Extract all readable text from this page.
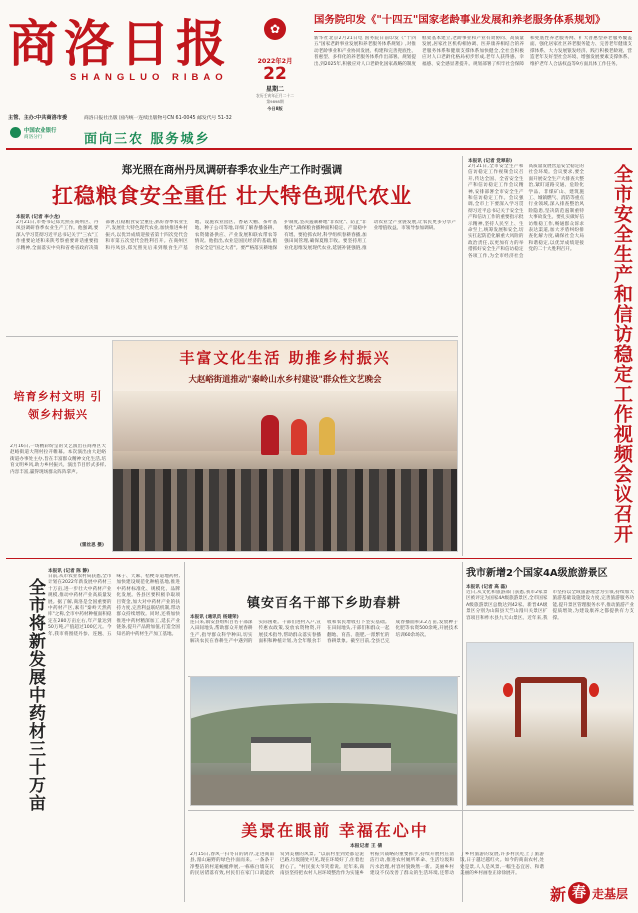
商洛日报
SHANGLUO RIBAO
主管、主办:中共商洛市委	商洛日报社出版 国内统一连续出版物号CN 61-0045 邮发代号 51-32
中国农业银行
商洛分行	面向三农 服务城乡
✿
2022年2月
22
星期二
农历壬寅年正月二十二
第9898期
今日8版
国务院印发《"十四五"国家老龄事业发展和养老服务体系规划》
新华社北京2月21日电 国务院日前印发《"十四五"国家老龄事业发展和养老服务体系规划》,对推动老龄事业和产业协同发展、构建和完善兜底性、普惠型、多样化的养老服务体系作出部署。规划提出,到2025年,积极应对人口老龄化国家战略的制度框架基本建立,老龄事业和产业有效协同、高质量发展,居家社区机构相协调、医养康养相结合的养老服务体系和健康支撑体系加快健全,全社会积极应对人口老龄化格局初步形成,老年人获得感、幸福感、安全感显著提升。规划部署了织牢社会保障和兜底性养老服务网、扩大普惠型养老服务覆盖面、强化居家社区养老服务能力、完善老年健康支撑体系、大力发展银发经济、践行积极老龄观、营造老年友好型社会环境、增强发展要素支撑体系、维护老年人合法权益等9方面具体工作任务。
郑光照在商州丹凤调研春季农业生产工作时强调
扛稳粮食安全重任 壮大特色现代农业
本报讯 (记者 李小龙)
2月21日,市委书记郑光照在商州区、丹凤县调研春季农业生产工作。他强调,要深入学习贯彻习近平总书记关于"三农"工作重要论述和来陕考察重要讲话重要指示精神,全面落实中央和省委省政府决策部署,扛稳粮食安全重任,抓好春季农业生产,发展壮大特色现代农业,加快推进乡村振兴,以优异成绩迎接省第十四次党代会和市第五次党代会胜利召开。在商州区和丹凤县,郑光照先后来到粮食生产基地、设施农业园区、香菇大棚、茶叶基地、种子公司等地,详细了解春播备耕、农资储备供应、产业发展和联农带农等情况。他指出,农业是国民经济的基础,粮食安全是"国之大者"。要严格落实耕地保护制度,坚决遏制耕地"非农化"、防止"非粮化",确保粮食播种面积稳定、产量稳中有增。要抢抓农时,科学组织春耕春播,加强田间管理,确保夏粮丰收。要坚持用工业化思维发展现代农业,延链补链强链,推动农业全产业链发展,让农民更多分享产业增值收益。市领导参加调研。
本报讯 (记者 党翠彩)
2月21日,全市安全生产和信访稳定工作视频会议召开,传达全国、全省安全生产和信访稳定工作会议精神,安排部署全市安全生产和信访稳定工作。会议强调,全市上下要深入学习贯彻习近平总书记关于安全生产和信访工作的重要指示批示精神,坚持人民至上、生命至上,统筹发展和安全,切实扛起防范化解重大风险的政治责任,以更加有力的举措抓好安全生产和信访稳定各项工作,为全市经济社会高质量发展营造安全稳定的社会环境。会议要求,要全面开展安全生产大排查大整治,紧盯道路交通、危险化学品、非煤矿山、建筑施工、城镇燃气、消防等重点行业领域,深入排查整治风险隐患,坚决防范遏制重特大事故发生。要扎实做好信访维稳工作,畅通群众诉求表达渠道,加大矛盾纠纷排查化解力度,确保社会大局和谐稳定,以优异成绩迎接党的二十大胜利召开。	全市安全生产和信访稳定工作视频会议召开
丰富文化生活 助推乡村振兴
大赵峪街道推动"秦岭山水乡村建设"群众性文艺晚会
培育乡村文明 引领乡村振兴
2月16日,一场精彩纷呈的文艺演出在商州区大赵峪街道大荆村拉开帷幕。本次演出由大赵峪街道办事处主办,旨在丰富群众精神文化生活,培育文明乡风,助力乡村振兴。演出节目形式多样,内容丰富,赢得现场群众阵阵掌声。
(雷丝思 摄)
全市将新发展中药材三十万亩
本报讯 (记者 陈 静)
日前,从市农业农村局获悉,全市计划在2022年新发展中药材三十万亩,进一步壮大中药材产业规模,推动中药材产业高质量发展。据了解,商洛是全国重要的中药材产区,素有"秦岭天然药库"之称,全市中药材种植面积稳定在280万亩左右,年产量达到50万吨,产值超过100亿元。今年,我市将围绕丹参、连翘、五味子、天麻、桔梗等道地药材,加快建设规范化种植基地,推进中药材标准化、规模化、品牌化发展。各县区要积极争取项目资金,加大对中药材产业的扶持力度,完善利益联结机制,带动群众持续增收。同时,还将加快推进中药材精深加工,延长产业链条,提升产品附加值,打造全国知名的中药材生产加工基地。
镇安百名干部下乡助春耕
本报讯 (通讯员 杨建荣)
连日来,镇安县组织百名干部深入田间地头,帮助群众开展春耕生产,指导群众科学种田,切实解决农民在春耕生产中遇到的实际困难。干部们进村入户,宣传惠农政策,发放农资物资,开展技术指导,帮助群众落实春播面积和种植计划,为全年粮食丰收和农民增收打下坚实基础。在田间地头,干部们和群众一起翻地、育苗、施肥,一派繁忙的春耕景象。截至目前,全县已完成春播面积3.2万亩,发放种子化肥等农资500余吨,开展技术培训60余场次。
我市新增2个国家4A级旅游景区
本报讯 (记者 高 磊)
近日,从文化和旅游部门获悉,我市2家景区被评定为国家4A级旅游景区,全市国家A级旅游景区总数达到42家。新晋4A级景区分别为山阳县天竺山漫川关景区扩容项目和柞水县九天山景区。近年来,我市坚持以全域旅游理念为引领,持续加大旅游基础设施建设力度,完善旅游服务功能,提升景区管理服务水平,推动旅游产业提质增效,为建设康养之都提供有力支撑。
美景在眼前 幸福在心中
本报记者 王 倩
2月15日,春风一扫冬日的阴冷,走进商南县,漫山遍野的绿色扑面而来。一条条干净整洁的村道蜿蜒伸展,一栋栋白墙灰瓦的民居错落有致,村民们在家门口就能欣赏到美丽的风景。"以前村里到处都是泥巴路,垃圾随处可见,现在环境好了,住着也舒心了。"村民张大爷笑着说。近年来,商南县坚持把农村人居环境整治作为实施乡村振兴战略的重要抓手,持续开展村庄清洁行动,推进农村厕所革命、生活垃圾和污水治理,村容村貌焕然一新。美丽乡村建设不仅改善了群众的生活环境,还带动了乡村旅游的发展,许多村民吃上了旅游饭,日子越过越红火。如今的商南农村,处处是景,人人是风景,一幅生态宜居、和谐美丽的乡村画卷正徐徐展开。
新 春 走基层
